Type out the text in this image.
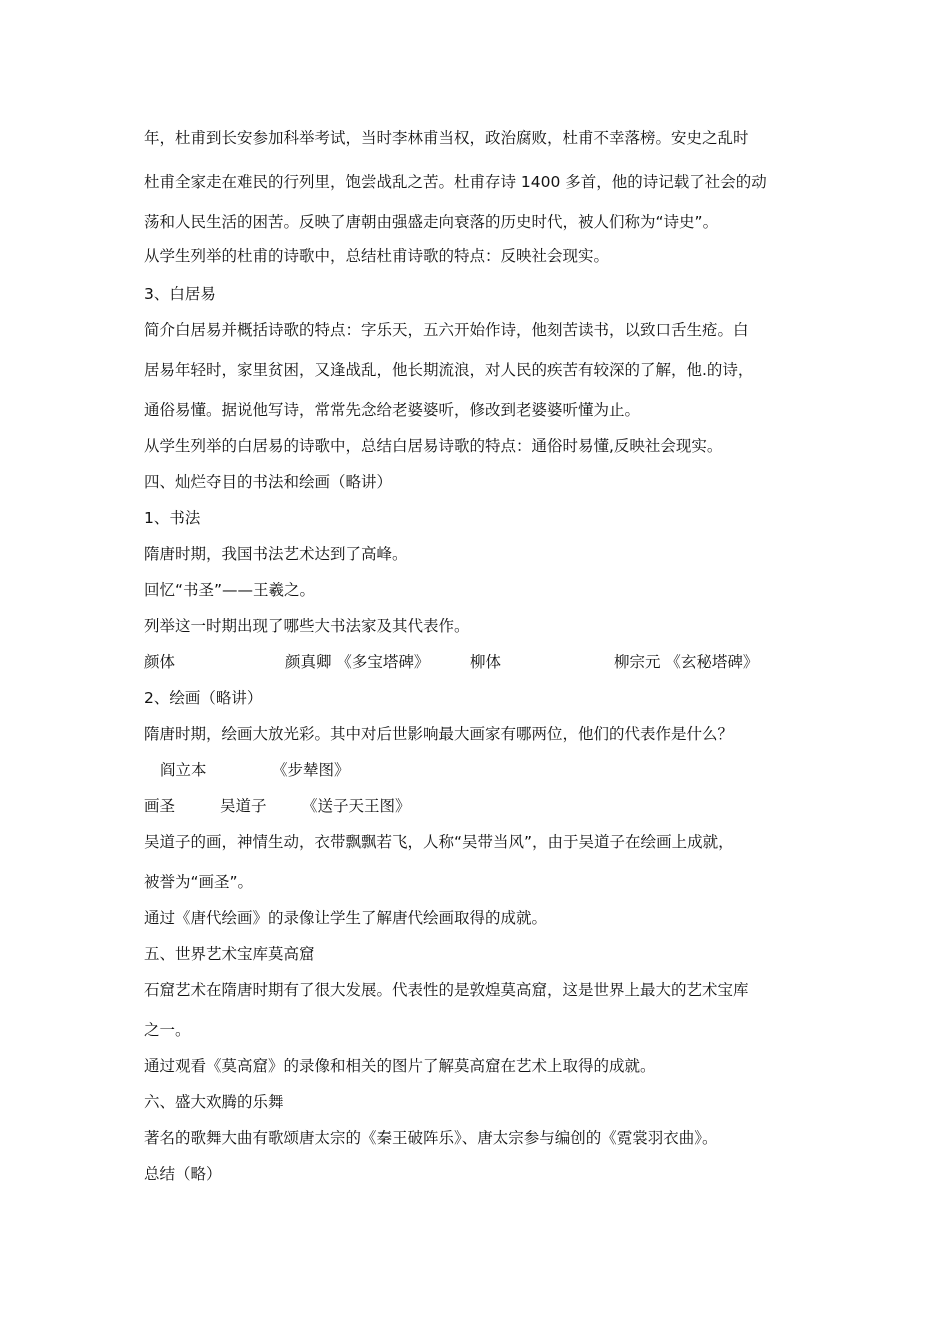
年，杜甫到长安参加科举考试，当时李林甫当权，政治腐败，杜甫不幸落榜。安史之乱时
杜甫全家走在难民的行列里，饱尝战乱之苦。杜甫存诗 1400 多首，他的诗记载了社会的动
荡和人民生活的困苦。反映了唐朝由强盛走向衰落的历史时代，被人们称为“诗史”。
从学生列举的杜甫的诗歌中，总结杜甫诗歌的特点：反映社会现实。
3、白居易
简介白居易并概括诗歌的特点：字乐天，五六开始作诗，他刻苦读书，以致口舌生疮。白
居易年轻时，家里贫困，又逢战乱，他长期流浪，对人民的疾苦有较深的了解，他.的诗，
通俗易懂。据说他写诗，常常先念给老婆婆听，修改到老婆婆听懂为止。
从学生列举的白居易的诗歌中，总结白居易诗歌的特点：通俗时易懂,反映社会现实。
四、灿烂夺目的书法和绘画（略讲）
1、书法
隋唐时期，我国书法艺术达到了高峰。
回忆“书圣”——王羲之。
列举这一时期出现了哪些大书法家及其代表作。
颜体	颜真卿 《多宝塔碑》	柳体	柳宗元 《玄秘塔碑》
2、绘画（略讲）
隋唐时期，绘画大放光彩。其中对后世影响最大画家有哪两位，他们的代表作是什么？
阎立本	《步辇图》
画圣	吴道子 《送子天王图》
吴道子的画，神情生动，衣带飘飘若飞，人称“吴带当风”，由于吴道子在绘画上成就，
被誉为“画圣”。
通过《唐代绘画》的录像让学生了解唐代绘画取得的成就。
五、世界艺术宝库莫高窟
石窟艺术在隋唐时期有了很大发展。代表性的是敦煌莫高窟，这是世界上最大的艺术宝库
之一。
通过观看《莫高窟》的录像和相关的图片了解莫高窟在艺术上取得的成就。
六、盛大欢腾的乐舞
著名的歌舞大曲有歌颂唐太宗的《秦王破阵乐》、唐太宗参与编创的《霓裳羽衣曲》。
总结（略）
